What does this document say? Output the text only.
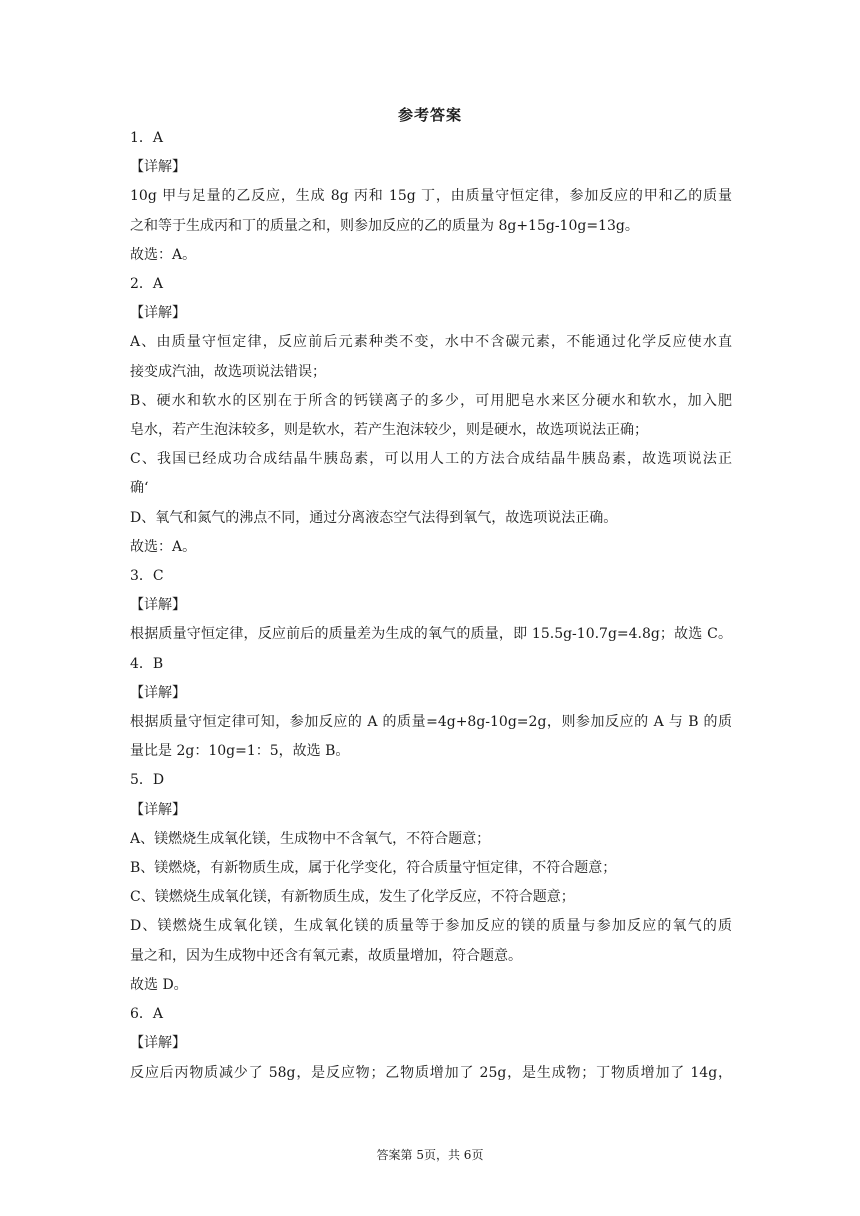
参考答案
1．A
【详解】
10g 甲与足量的乙反应，生成 8g 丙和 15g 丁，由质量守恒定律，参加反应的甲和乙的质量
之和等于生成丙和丁的质量之和，则参加反应的乙的质量为 8g+15g-10g=13g。
故选：A。
2．A
【详解】
A、由质量守恒定律，反应前后元素种类不变，水中不含碳元素，不能通过化学反应使水直
接变成汽油，故选项说法错误；
B、硬水和软水的区别在于所含的钙镁离子的多少，可用肥皂水来区分硬水和软水，加入肥
皂水，若产生泡沫较多，则是软水，若产生泡沫较少，则是硬水，故选项说法正确；
C、我国已经成功合成结晶牛胰岛素，可以用人工的方法合成结晶牛胰岛素，故选项说法正
确‘
D、氧气和氮气的沸点不同，通过分离液态空气法得到氧气，故选项说法正确。
故选：A。
3．C
【详解】
根据质量守恒定律，反应前后的质量差为生成的氧气的质量，即 15.5g-10.7g=4.8g；故选 C。
4．B
【详解】
根据质量守恒定律可知，参加反应的 A 的质量=4g+8g-10g=2g，则参加反应的 A 与 B 的质
量比是 2g：10g=1：5，故选 B。
5．D
【详解】
A、镁燃烧生成氧化镁，生成物中不含氧气，不符合题意；
B、镁燃烧，有新物质生成，属于化学变化，符合质量守恒定律，不符合题意；
C、镁燃烧生成氧化镁，有新物质生成，发生了化学反应，不符合题意；
D、镁燃烧生成氧化镁，生成氧化镁的质量等于参加反应的镁的质量与参加反应的氧气的质
量之和，因为生成物中还含有氧元素，故质量增加，符合题意。
故选 D。
6．A
【详解】
反应后丙物质减少了 58g，是反应物；乙物质增加了 25g，是生成物；丁物质增加了 14g，
答案第 5页，共 6页
